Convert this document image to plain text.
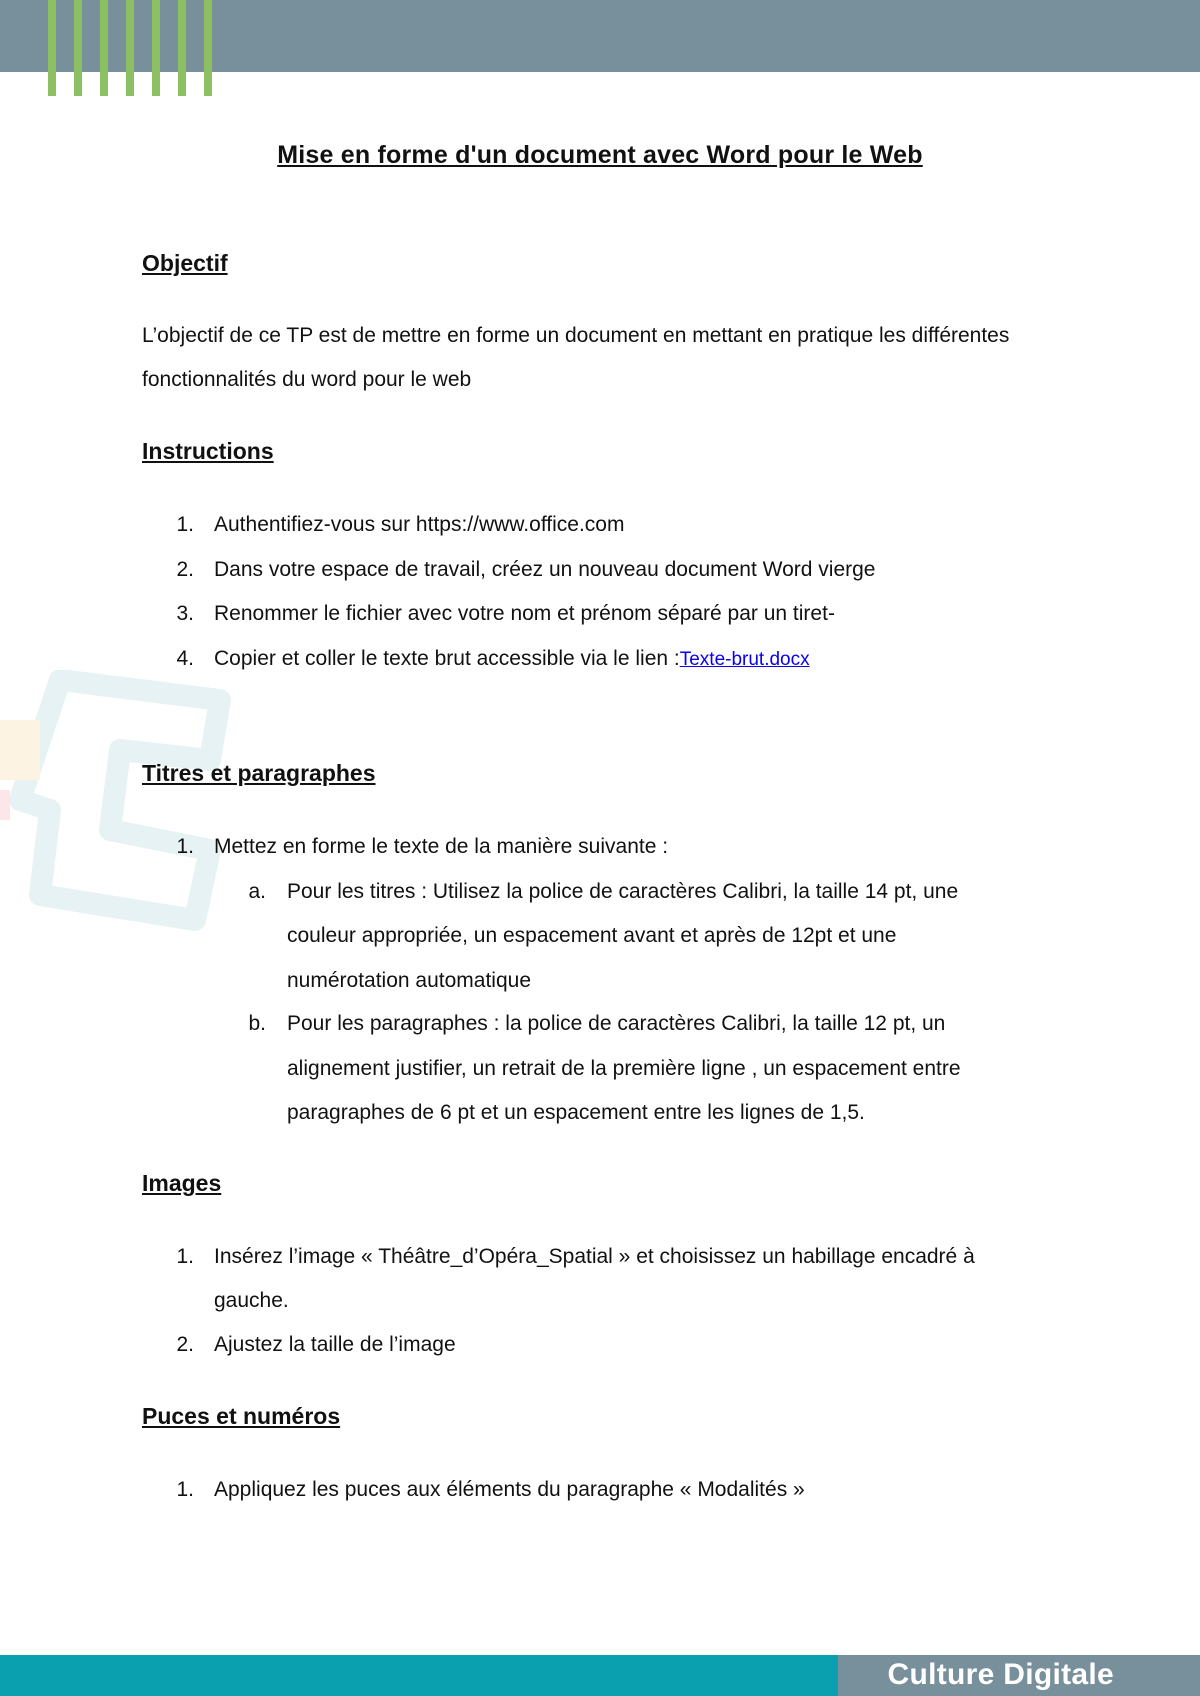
Mise en forme d'un document avec Word pour le Web
Objectif
L’objectif de ce TP est de mettre en forme un document en mettant en pratique les différentes
fonctionnalités du word pour le web
Instructions
1. Authentifiez-vous sur https://www.office.com
2. Dans votre espace de travail, créez un nouveau document Word vierge
3. Renommer le fichier avec votre nom et prénom séparé par un tiret-
4. Copier et coller le texte brut accessible via le lien :Texte-brut.docx
Titres et paragraphes
1. Mettez en forme le texte de la manière suivante :
a. Pour les titres : Utilisez la police de caractères Calibri, la taille 14 pt, une
couleur appropriée, un espacement avant et après de 12pt et une
numérotation automatique
b. Pour les paragraphes : la police de caractères Calibri, la taille 12 pt, un
alignement justifier, un retrait de la première ligne , un espacement entre
paragraphes de 6 pt et un espacement entre les lignes de 1,5.
Images
1. Insérez l’image « Théâtre_d’Opéra_Spatial » et choisissez un habillage encadré à
gauche.
2. Ajustez la taille de l’image
Puces et numéros
1. Appliquez les puces aux éléments du paragraphe « Modalités »
Culture Digitale
